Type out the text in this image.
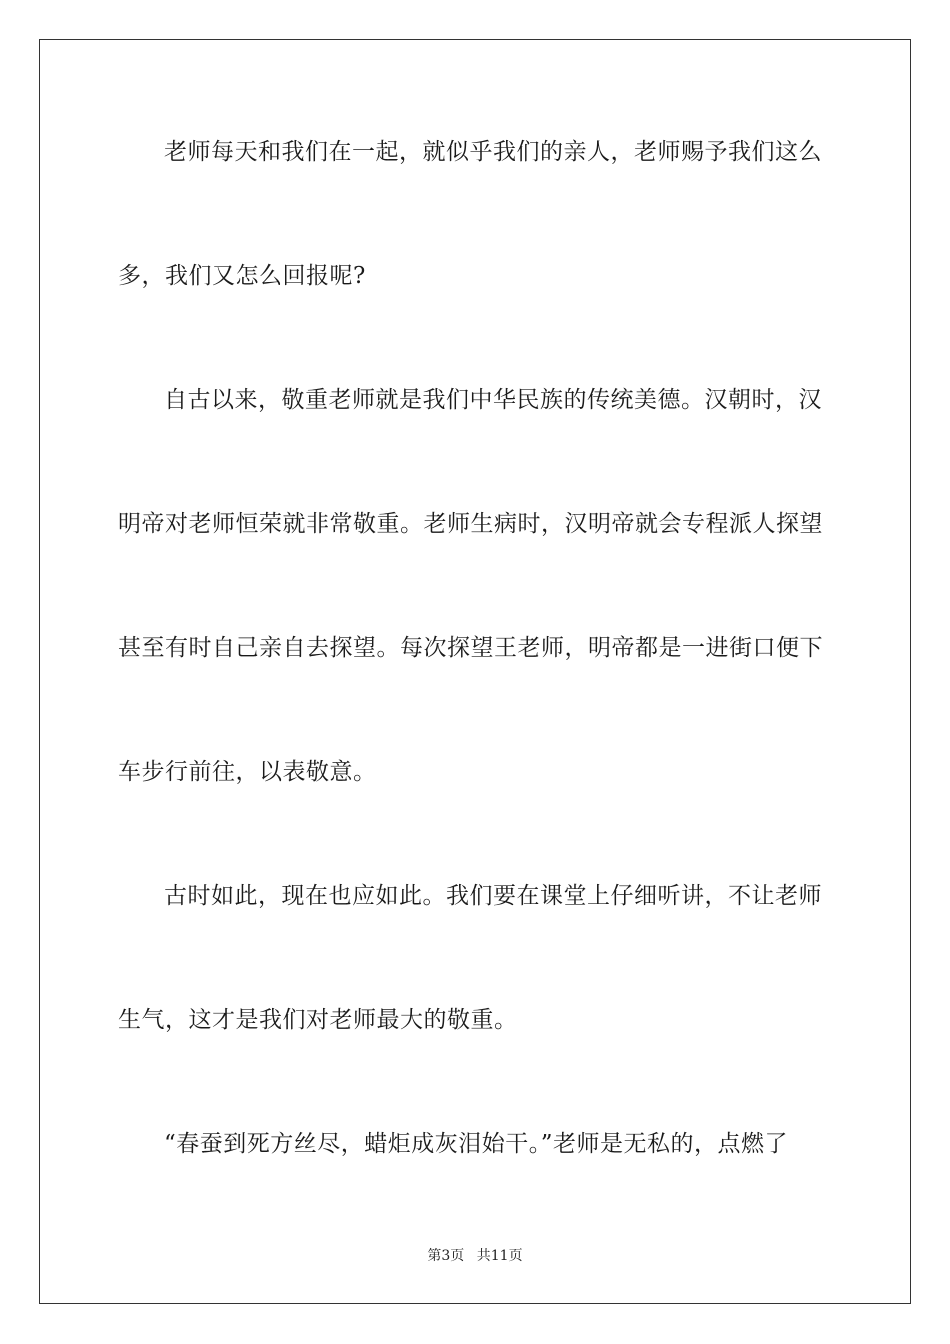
老师每天和我们在一起，就似乎我们的亲人，老师赐予我们这么
多，我们又怎么回报呢?
自古以来，敬重老师就是我们中华民族的传统美德。汉朝时，汉
明帝对老师恒荣就非常敬重。老师生病时，汉明帝就会专程派人探望
甚至有时自己亲自去探望。每次探望王老师，明帝都是一进街口便下
车步行前往，以表敬意。
古时如此，现在也应如此。我们要在课堂上仔细听讲，不让老师
生气，这才是我们对老师最大的敬重。
“春蚕到死方丝尽，蜡炬成灰泪始干。”老师是无私的，点燃了
第3页 共11页
